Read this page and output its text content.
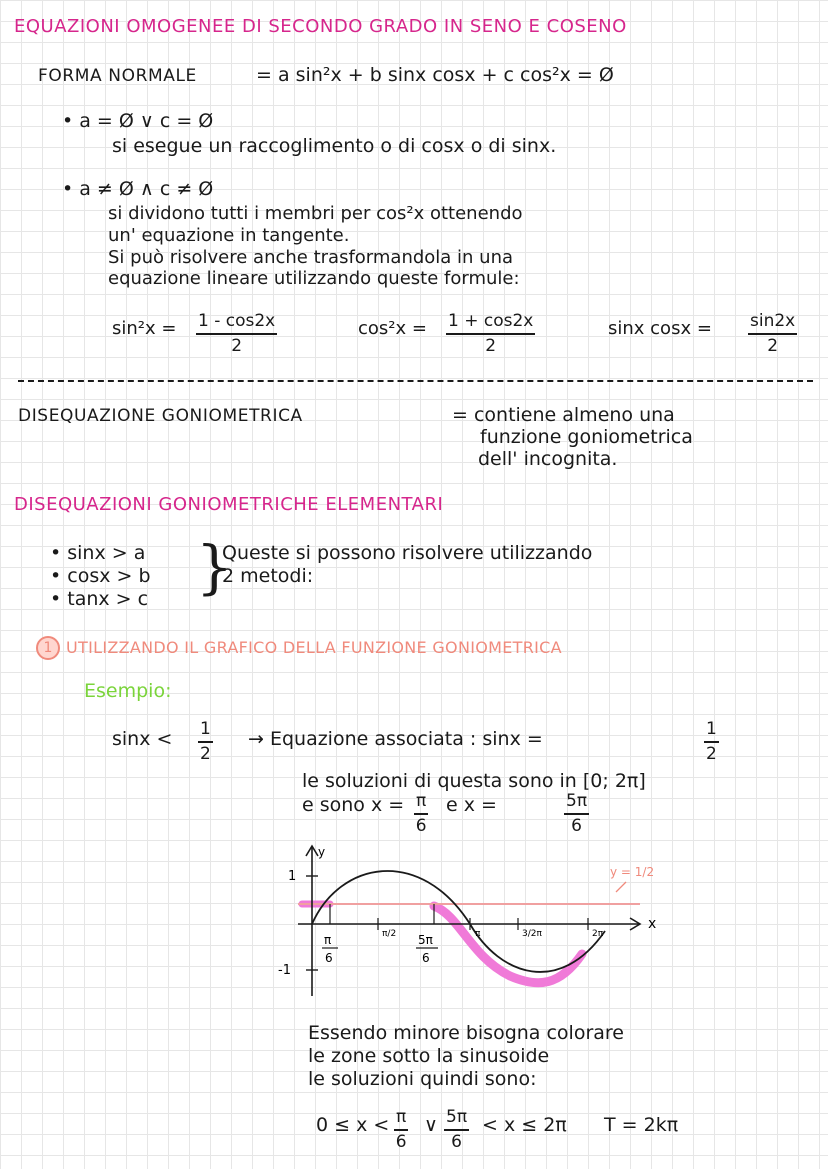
EQUAZIONI OMOGENEE DI SECONDO GRADO IN SENO E COSENO
FORMA NORMALE	= a sin²x + b sinx cosx + c cos²x = Ø
• a = Ø ∨ c = Ø
si esegue un raccoglimento o di cosx o di sinx.
• a ≠ Ø ∧ c ≠ Ø
si dividono tutti i membri per cos²x ottenendo
un' equazione in tangente.
Si può risolvere anche trasformandola in una
equazione lineare utilizzando queste formule:
$\sin^2x = \frac{1 - \cos 2x}{2}$	$\cos^2x = \frac{1 + \cos 2x}{2}$	sinx $\cos x = \frac{\sin 2x}{2}$
DISEQUAZIONE GONIOMETRICA	= contiene almeno una
funzione goniometrica
dell' incognita.
DISEQUAZIONI GONIOMETRICHE ELEMENTARI
• sinx > a
• cosx > b
• tanx > c }
Queste si possono risolvere utilizzando
2 metodi:
1 UTILIZZANDO IL GRAFICO DELLA FUNZIONE GONIOMETRICA
Esempio:
$\sin x < \frac{1}{2}$ → Equazione associata : sinx =	$\frac{1}{2}$
le soluzioni di questa sono in [0; 2π]
e sono $x = \frac{\pi}{6}$ e x =	$\frac{5\pi}{6}$
y
x
1
-1
y = 1/2
π/2	π	3/2π	2π
π
6
5π
6
Essendo minore bisogna colorare
le zone sotto la sinusoide
le soluzioni quindi sono:
$0 \le x < \frac{\pi}{6}$ ∨ $\frac{5\pi}{6} < x \le 2\pi$ T = 2kπ
